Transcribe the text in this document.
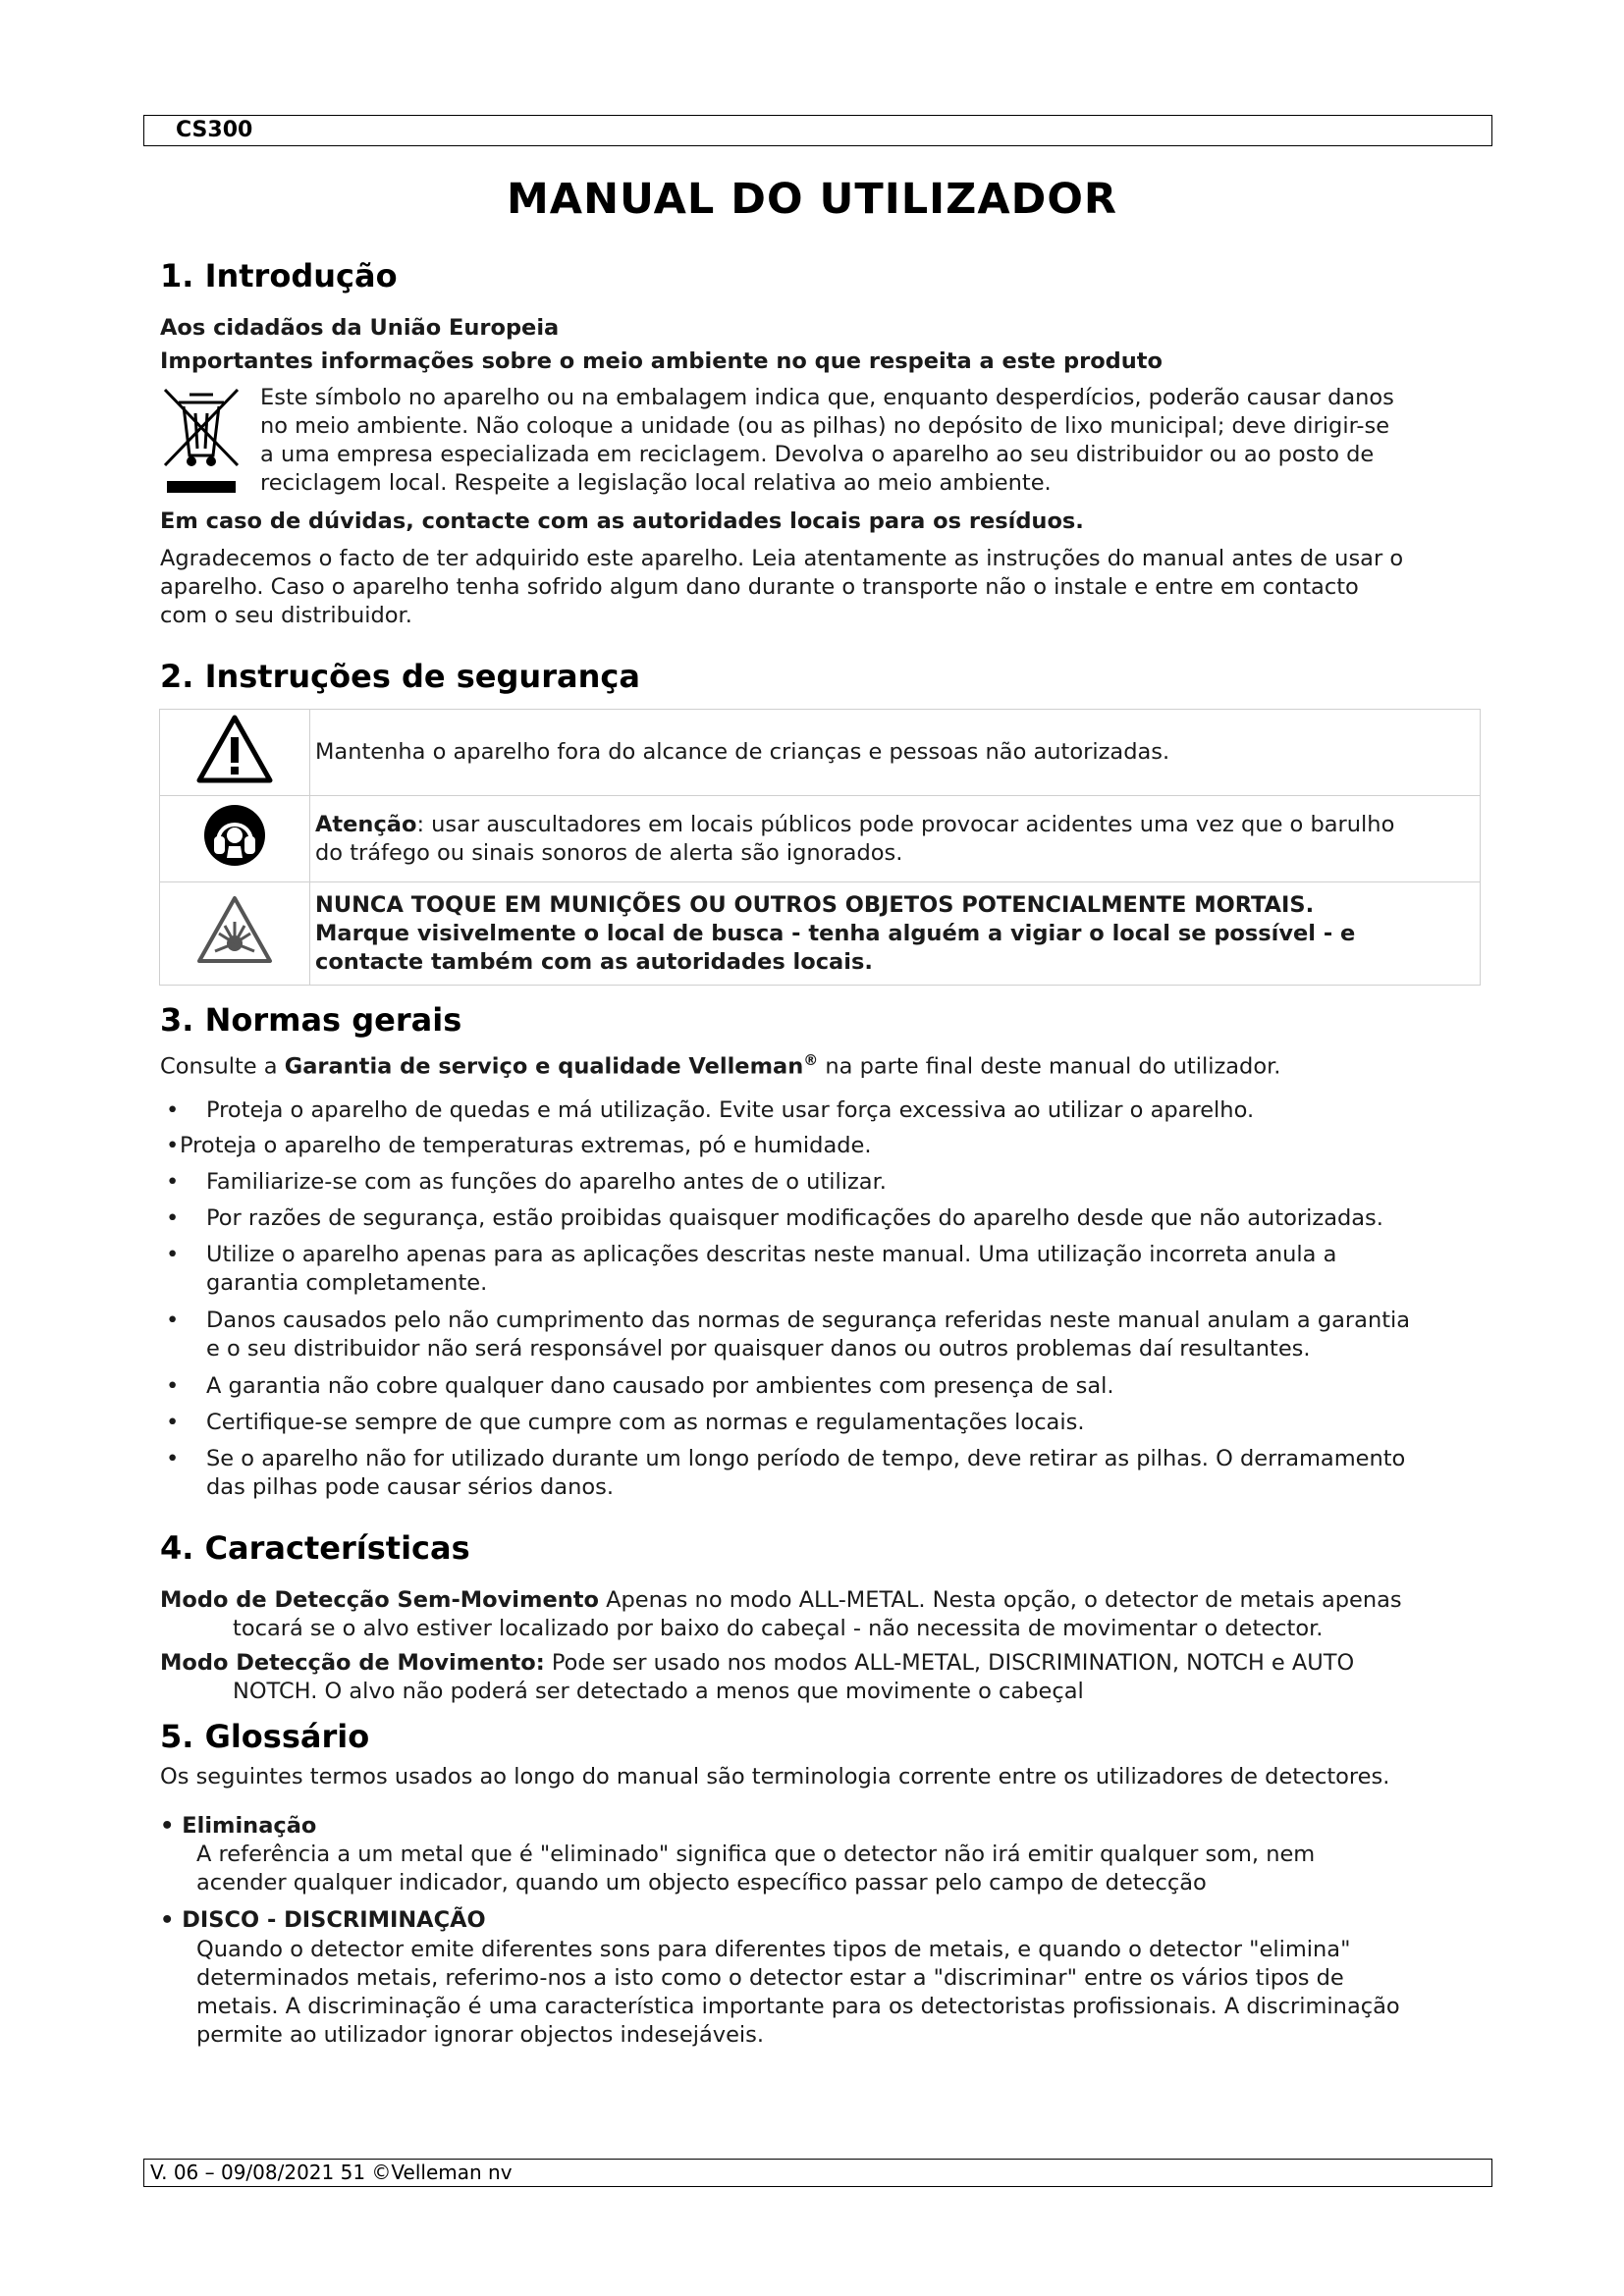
CS300
MANUAL DO UTILIZADOR
1. Introdução
Aos cidadãos da União Europeia
Importantes informações sobre o meio ambiente no que respeita a este produto
Este símbolo no aparelho ou na embalagem indica que, enquanto desperdícios, poderão causar danos
no meio ambiente. Não coloque a unidade (ou as pilhas) no depósito de lixo municipal; deve dirigir-se
a uma empresa especializada em reciclagem. Devolva o aparelho ao seu distribuidor ou ao posto de
reciclagem local. Respeite a legislação local relativa ao meio ambiente.
Em caso de dúvidas, contacte com as autoridades locais para os resíduos.
Agradecemos o facto de ter adquirido este aparelho. Leia atentamente as instruções do manual antes de usar o
aparelho. Caso o aparelho tenha sofrido algum dano durante o transporte não o instale e entre em contacto
com o seu distribuidor.
2. Instruções de segurança

Mantenha o aparelho fora do alcance de crianças e pessoas não autorizadas.

Atenção: usar auscultadores em locais públicos pode provocar acidentes uma vez que o barulho
do tráfego ou sinais sonoros de alerta são ignorados.

NUNCA TOQUE EM MUNIÇÕES OU OUTROS OBJETOS POTENCIALMENTE MORTAIS.
Marque visivelmente o local de busca - tenha alguém a vigiar o local se possível - e
contacte também com as autoridades locais.
3. Normas gerais
Consulte a Garantia de serviço e qualidade Velleman® na parte final deste manual do utilizador.
• Proteja o aparelho de quedas e má utilização. Evite usar força excessiva ao utilizar o aparelho.
• Proteja o aparelho de temperaturas extremas, pó e humidade.
• Familiarize-se com as funções do aparelho antes de o utilizar.
• Por razões de segurança, estão proibidas quaisquer modificações do aparelho desde que não autorizadas.
• Utilize o aparelho apenas para as aplicações descritas neste manual. Uma utilização incorreta anula a
garantia completamente.
• Danos causados pelo não cumprimento das normas de segurança referidas neste manual anulam a garantia
e o seu distribuidor não será responsável por quaisquer danos ou outros problemas daí resultantes.
• A garantia não cobre qualquer dano causado por ambientes com presença de sal.
• Certifique-se sempre de que cumpre com as normas e regulamentações locais.
• Se o aparelho não for utilizado durante um longo período de tempo, deve retirar as pilhas. O derramamento
das pilhas pode causar sérios danos.
4. Características
Modo de Detecção Sem-Movimento Apenas no modo ALL-METAL. Nesta opção, o detector de metais apenas
tocará se o alvo estiver localizado por baixo do cabeçal - não necessita de movimentar o detector.
Modo Detecção de Movimento: Pode ser usado nos modos ALL-METAL, DISCRIMINATION, NOTCH e AUTO
NOTCH. O alvo não poderá ser detectado a menos que movimente o cabeçal
5. Glossário
Os seguintes termos usados ao longo do manual são terminologia corrente entre os utilizadores de detectores.
• Eliminação
A referência a um metal que é "eliminado" significa que o detector não irá emitir qualquer som, nem
acender qualquer indicador, quando um objecto específico passar pelo campo de detecção
• DISCO - DISCRIMINAÇÃO
Quando o detector emite diferentes sons para diferentes tipos de metais, e quando o detector "elimina"
determinados metais, referimo-nos a isto como o detector estar a "discriminar" entre os vários tipos de
metais. A discriminação é uma característica importante para os detectoristas profissionais. A discriminação
permite ao utilizador ignorar objectos indesejáveis.
V. 06 – 09/08/2021 51 ©Velleman nv
